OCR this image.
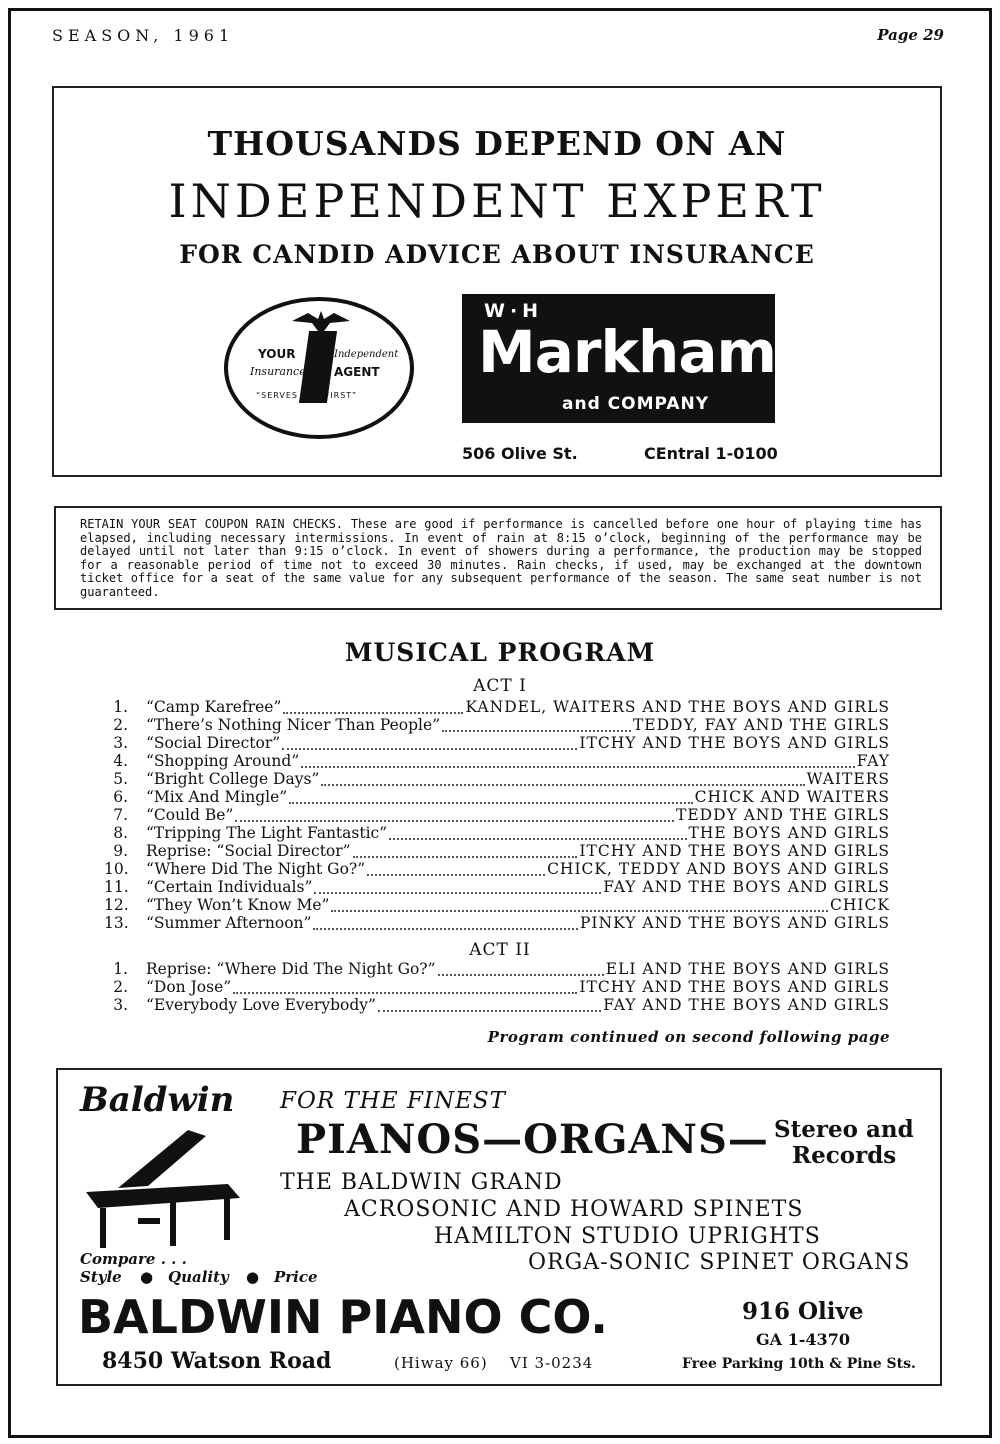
SEASON, 1961	Page 29
THOUSANDS DEPEND ON AN
INDEPENDENT EXPERT
FOR CANDID ADVICE ABOUT INSURANCE
YOUR	Independent
Insurance AGENT
“SERVES YOU FIRST”
W·H
Markham
and COMPANY
506 Olive St.	CEntral 1-0100
RETAIN YOUR SEAT COUPON RAIN CHECKS. These are good if performance is cancelled before one hour of playing time has elapsed, including necessary intermissions. In event of rain at 8:15 o’clock, beginning of the performance may be delayed until not later than 9:15 o’clock. In event of showers during a performance, the production may be stopped for a reasonable period of time not to exceed 30 minutes. Rain checks, if used, may be exchanged at the downtown ticket office for a seat of the same value for any subsequent performance of the season. The same seat number is not guaranteed.
MUSICAL PROGRAM
ACT I
1. “Camp Karefree”	KANDEL, WAITERS AND THE BOYS AND GIRLS
2. “There’s Nothing Nicer Than People”	TEDDY, FAY AND THE GIRLS
3. “Social Director”	ITCHY AND THE BOYS AND GIRLS
4. “Shopping Around”	FAY
5. “Bright College Days”	WAITERS
6. “Mix And Mingle”	CHICK AND WAITERS
7. “Could Be”	TEDDY AND THE GIRLS
8. “Tripping The Light Fantastic”	THE BOYS AND GIRLS
9. Reprise: “Social Director”	ITCHY AND THE BOYS AND GIRLS
10. “Where Did The Night Go?”	CHICK, TEDDY AND BOYS AND GIRLS
11. “Certain Individuals”	FAY AND THE BOYS AND GIRLS
12. “They Won’t Know Me”	CHICK
13. “Summer Afternoon”	PINKY AND THE BOYS AND GIRLS
ACT II
1. Reprise: “Where Did The Night Go?”	ELI AND THE BOYS AND GIRLS
2. “Don Jose”	ITCHY AND THE BOYS AND GIRLS
3. “Everybody Love Everybody”	FAY AND THE BOYS AND GIRLS
Program continued on second following page
Baldwin FOR THE FINEST
PIANOS—ORGANS— Stereo and
Records
THE BALDWIN GRAND
ACROSONIC AND HOWARD SPINETS
HAMILTON STUDIO UPRIGHTS
ORGA-SONIC SPINET ORGANS
Compare . . .
Style ● Quality ● Price
BALDWIN PIANO CO.
8450 Watson Road	(Hiway 66) VI 3-0234
916 Olive
GA 1-4370
Free Parking 10th & Pine Sts.
